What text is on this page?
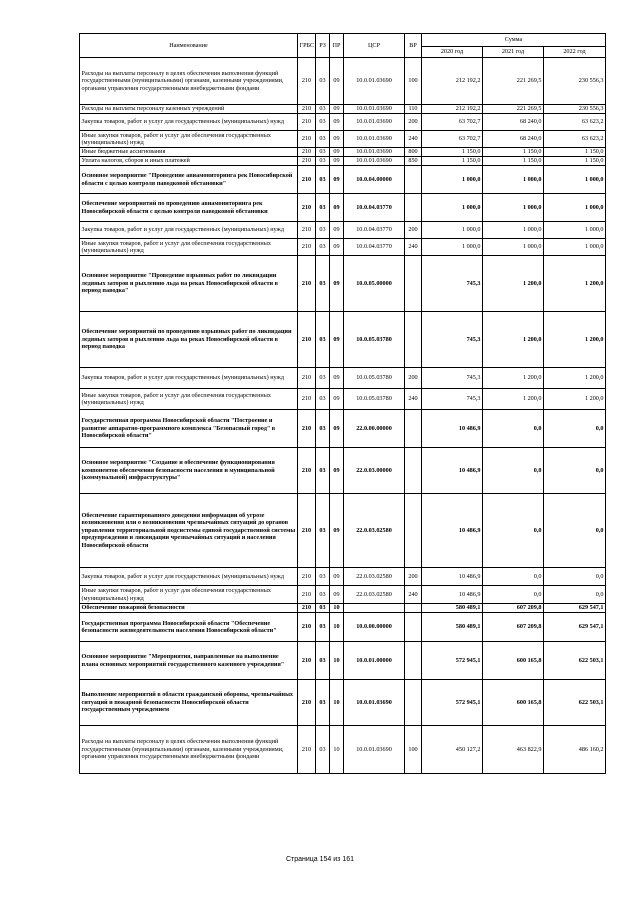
Наименование	ГРБС	РЗ	ПР	ЦСР	ВР	Сумма		
						2020 год	2021 год	2022 год
Расходы на выплаты персоналу в целях обеспечения выполнения функций государственными (муниципальными) органами, казенными учреждениями, органами управления государственными внебюджетными фондами	210	03	09	10.0.01.03690	100	212 192,2	221 269,5	230 556,3
Расходы на выплаты персоналу казенных учреждений	210	03	09	10.0.01.03690	110	212 192,2	221 269,5	230 556,3
Закупка товаров, работ и услуг для государственных (муниципальных) нужд	210	03	09	10.0.01.03690	200	63 702,7	68 240,0	63 623,2
Иные закупки товаров, работ и услуг для обеспечения государственных (муниципальных) нужд	210	03	09	10.0.01.03690	240	63 702,7	68 240,0	63 623,2
Иные бюджетные ассигнования	210	03	09	10.0.01.03690	800	1 150,0	1 150,0	1 150,0
Уплата налогов, сборов и иных платежей	210	03	09	10.0.01.03690	850	1 150,0	1 150,0	1 150,0
Основное мероприятие "Проведение авиамониторинга рек Новосибирской области с целью контроля паводковой обстановки"	210	03	09	10.0.04.00000		1 000,0	1 000,0	1 000,0
Обеспечение мероприятий по проведению авиамониторинга рек Новосибирской области с целью контроля паводковой обстановки	210	03	09	10.0.04.03770		1 000,0	1 000,0	1 000,0
Закупка товаров, работ и услуг для государственных (муниципальных) нужд	210	03	09	10.0.04.03770	200	1 000,0	1 000,0	1 000,0
Иные закупки товаров, работ и услуг для обеспечения государственных (муниципальных) нужд	210	03	09	10.0.04.03770	240	1 000,0	1 000,0	1 000,0
Основное мероприятие "Проведение взрывных работ по ликвидации ледяных заторов и рыхлению льда на реках Новосибирской области в период паводка"	210	03	09	10.0.05.00000		745,3	1 200,0	1 200,0
Обеспечение мероприятий по проведению взрывных работ по ликвидации ледяных заторов и рыхлению льда на реках Новосибирской области в период паводка	210	03	09	10.0.05.03780		745,3	1 200,0	1 200,0
Закупка товаров, работ и услуг для государственных (муниципальных) нужд	210	03	09	10.0.05.03780	200	745,3	1 200,0	1 200,0
Иные закупки товаров, работ и услуг для обеспечения государственных (муниципальных) нужд	210	03	09	10.0.05.03780	240	745,3	1 200,0	1 200,0
Государственная программа Новосибирской области "Построение и развитие аппаратно-программного комплекса "Безопасный город" в Новосибирской области"	210	03	09	22.0.00.00000		10 486,9	0,0	0,0
Основное мероприятие "Создание и обеспечение функционирования компонентов обеспечения безопасности населения и муниципальной (коммунальной) инфраструктуры"	210	03	09	22.0.03.00000		10 486,9	0,0	0,0
Обеспечение гарантированного доведения информации об угрозе возникновения или о возникновении чрезвычайных ситуаций до органов управления территориальной подсистемы единой государственной системы предупреждения и ликвидации чрезвычайных ситуаций и населения Новосибирской области	210	03	09	22.0.03.02580		10 486,9	0,0	0,0
Закупка товаров, работ и услуг для государственных (муниципальных) нужд	210	03	09	22.0.03.02580	200	10 486,9	0,0	0,0
Иные закупки товаров, работ и услуг для обеспечения государственных (муниципальных) нужд	210	03	09	22.0.03.02580	240	10 486,9	0,0	0,0
Обеспечение пожарной безопасности	210	03	10			580 489,1	607 209,8	629 547,1
Государственная программа Новосибирской области "Обеспечение безопасности жизнедеятельности населения Новосибирской области"	210	03	10	10.0.00.00000		580 489,1	607 209,8	629 547,1
Основное мероприятие "Мероприятия, направленные на выполнение плана основных мероприятий государственного казенного учреждения"	210	03	10	10.0.01.00000		572 945,1	600 165,8	622 503,1
Выполнение мероприятий в области гражданской обороны, чрезвычайных ситуаций и пожарной безопасности Новосибирской области государственным учреждением	210	03	10	10.0.01.03690		572 945,1	600 165,8	622 503,1
Расходы на выплаты персоналу в целях обеспечения выполнения функций государственными (муниципальными) органами, казенными учреждениями, органами управления государственными внебюджетными фондами	210	03	10	10.0.01.03690	100	450 127,2	463 822,9	486 160,2
Страница 154 из 161
